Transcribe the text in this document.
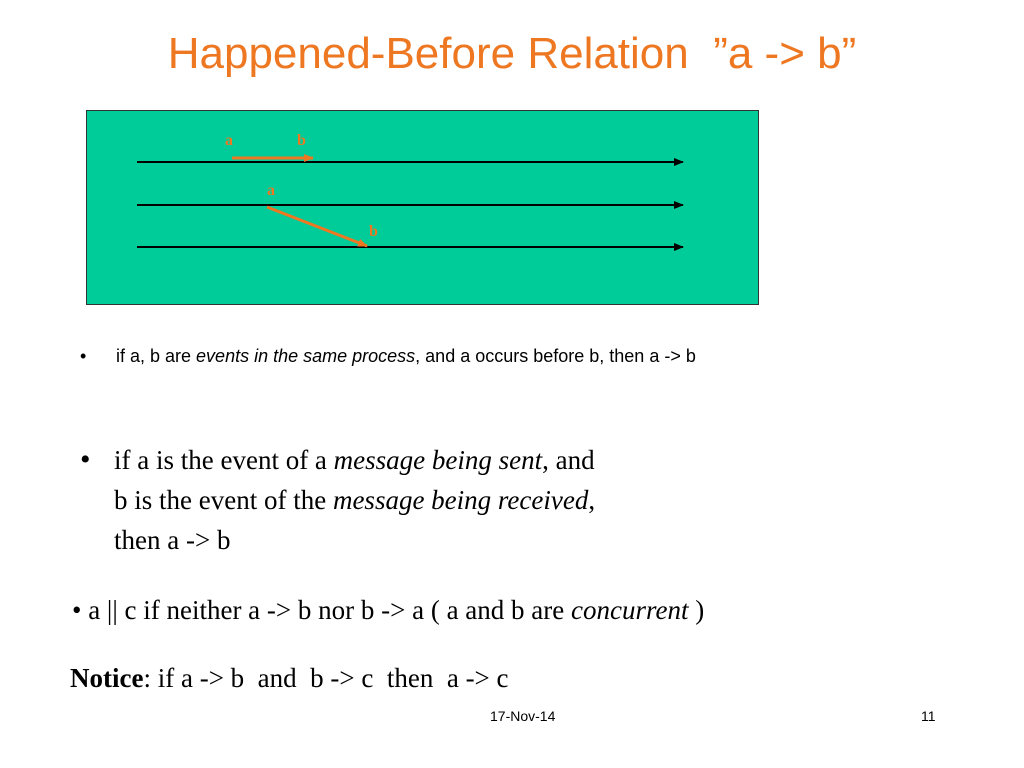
Happened-Before Relation  ”a -> b”
a	b
a
b
• if a, b are events in the same process, and a occurs before b, then a -> b
• if a is the event of a message being sent, and
b is the event of the message being received,
then a -> b
• a || c if neither a -> b nor b -> a ( a and b are concurrent )
Notice: if a -> b  and  b -> c  then  a -> c
17-Nov-14	11
